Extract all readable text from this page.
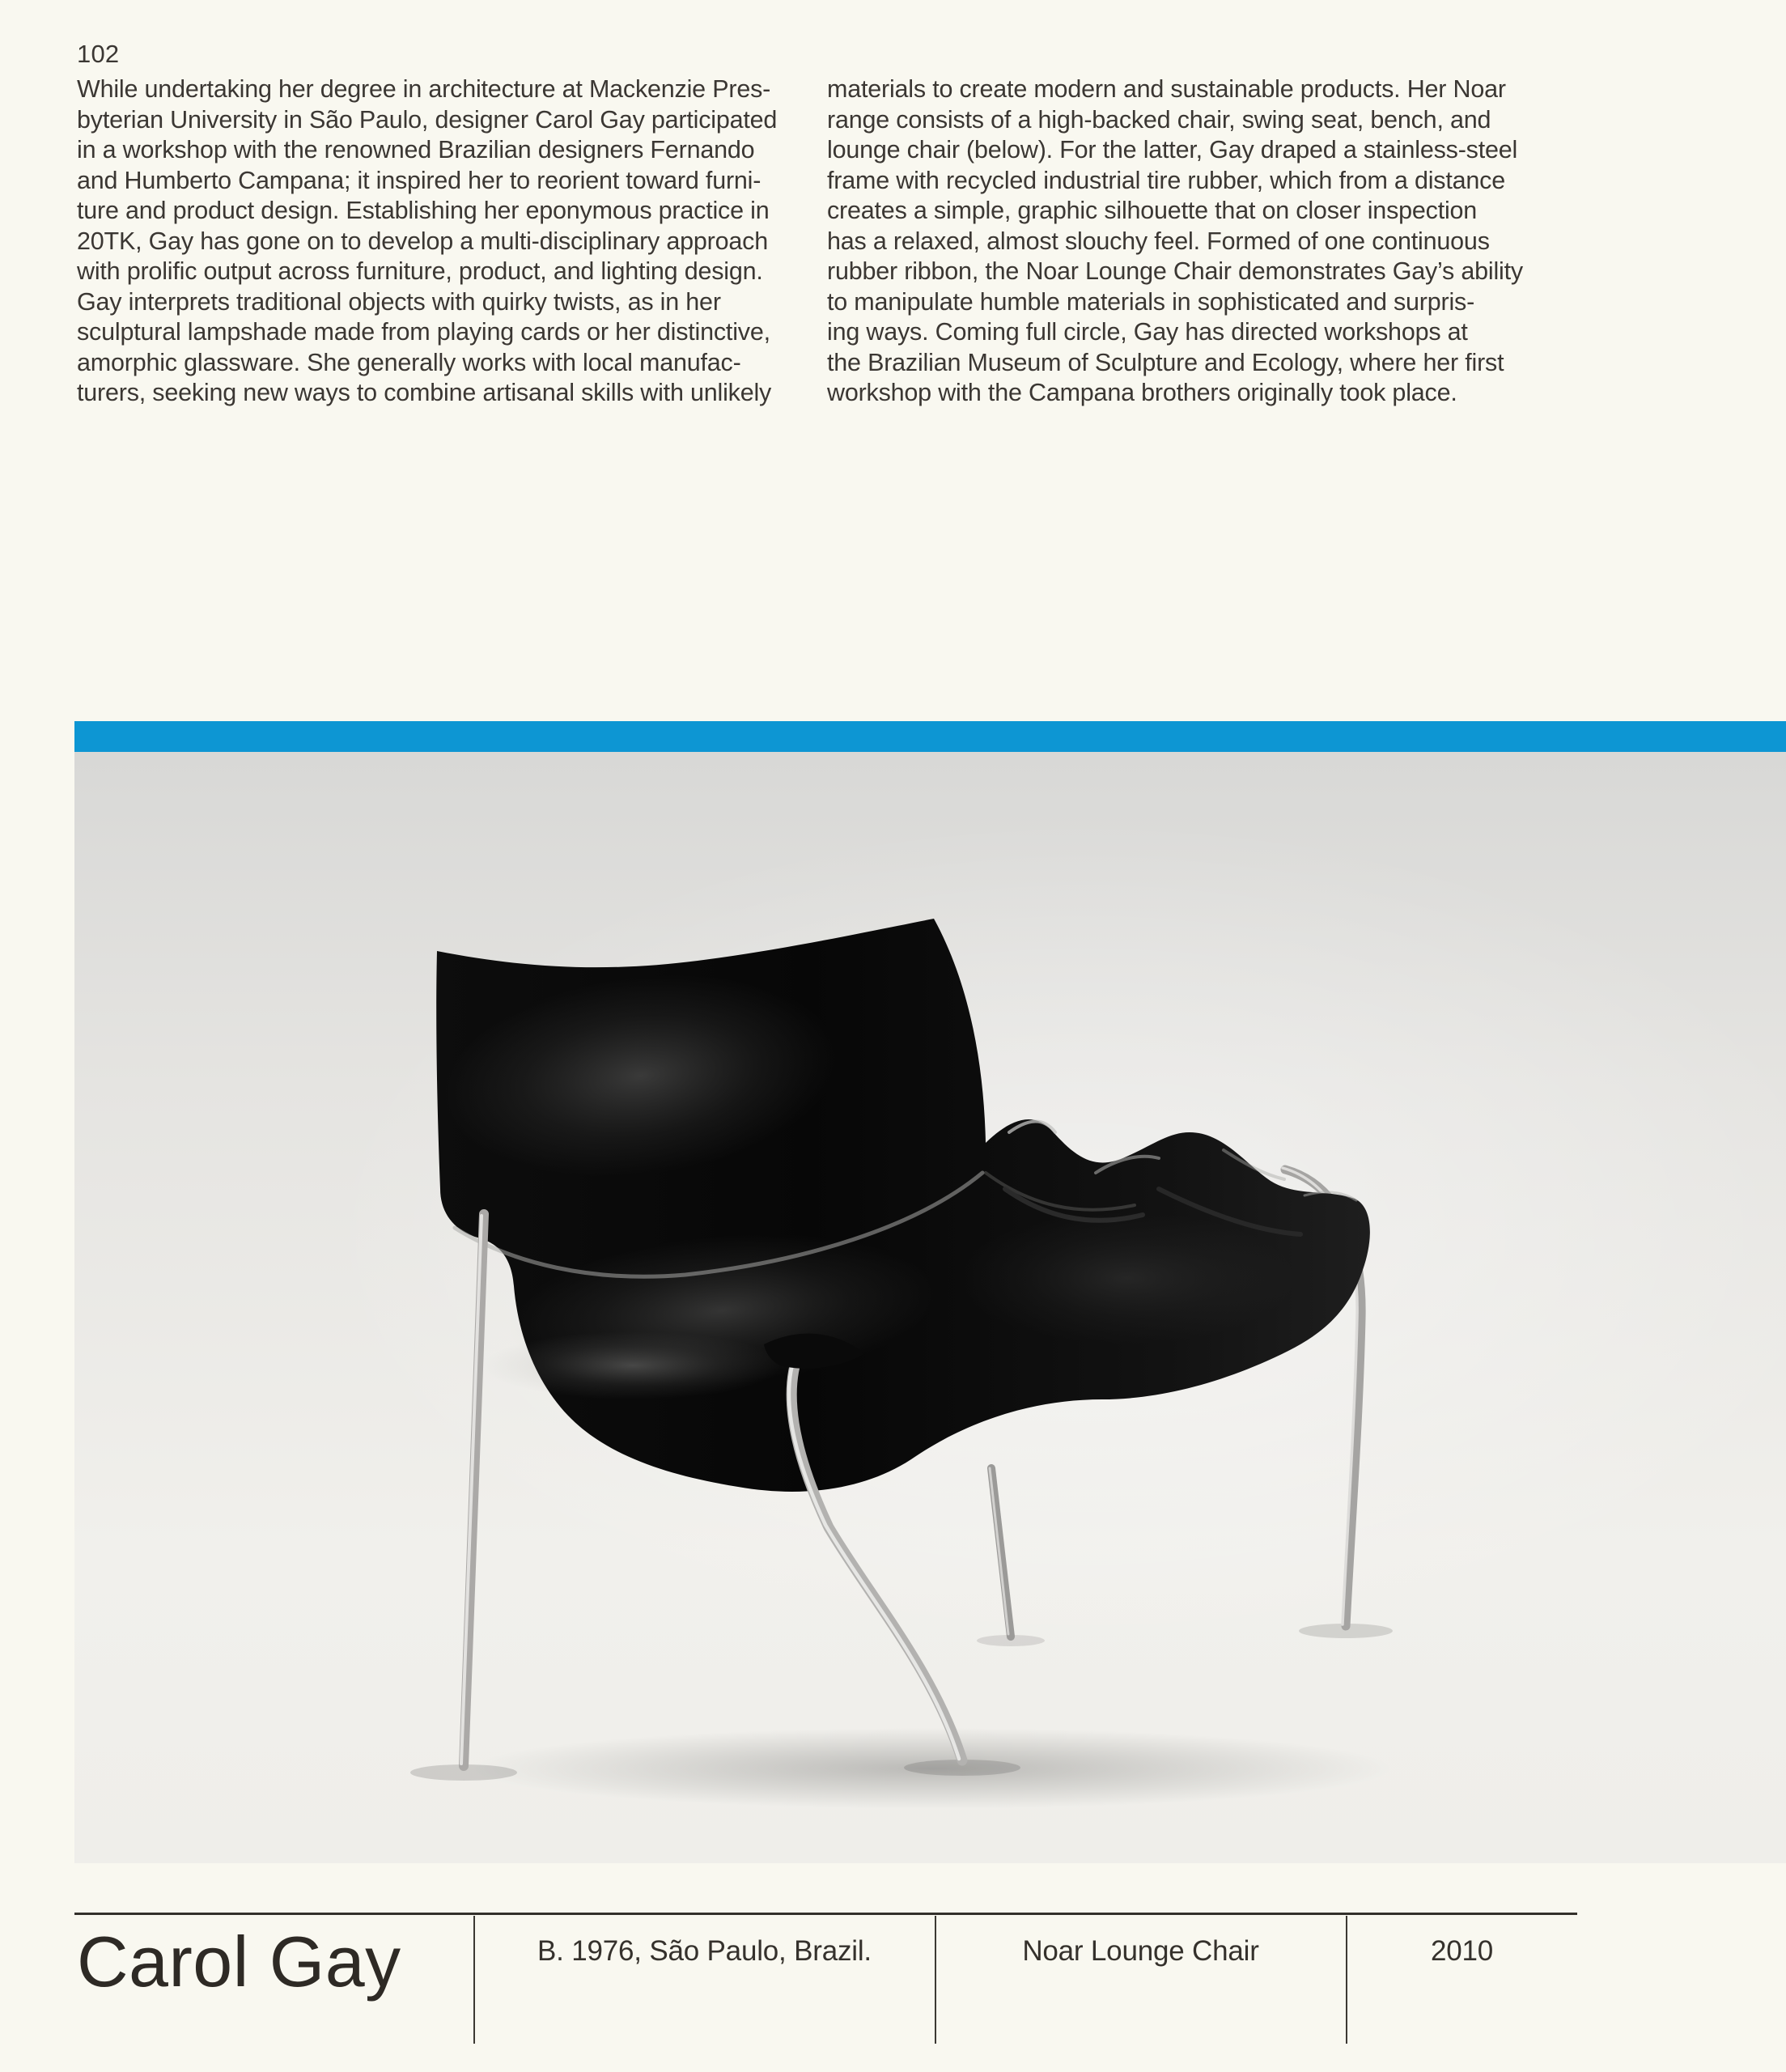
102
While undertaking her degree in architecture at Mackenzie Pres-
byterian University in São Paulo, designer Carol Gay participated
in a workshop with the renowned Brazilian designers Fernando
and Humberto Campana; it inspired her to reorient toward furni-
ture and product design. Establishing her eponymous practice in
20TK, Gay has gone on to develop a multi-disciplinary approach
with prolific output across furniture, product, and lighting design.
Gay interprets traditional objects with quirky twists, as in her
sculptural lampshade made from playing cards or her distinctive,
amorphic glassware. She generally works with local manufac-
turers, seeking new ways to combine artisanal skills with unlikely
materials to create modern and sustainable products. Her Noar
range consists of a high-backed chair, swing seat, bench, and
lounge chair (below). For the latter, Gay draped a stainless-steel
frame with recycled industrial tire rubber, which from a distance
creates a simple, graphic silhouette that on closer inspection
has a relaxed, almost slouchy feel. Formed of one continuous
rubber ribbon, the Noar Lounge Chair demonstrates Gay’s ability
to manipulate humble materials in sophisticated and surpris-
ing ways. Coming full circle, Gay has directed workshops at
the Brazilian Museum of Sculpture and Ecology, where her first
workshop with the Campana brothers originally took place.
Carol Gay	B. 1976, São Paulo, Brazil.	Noar Lounge Chair	2010
